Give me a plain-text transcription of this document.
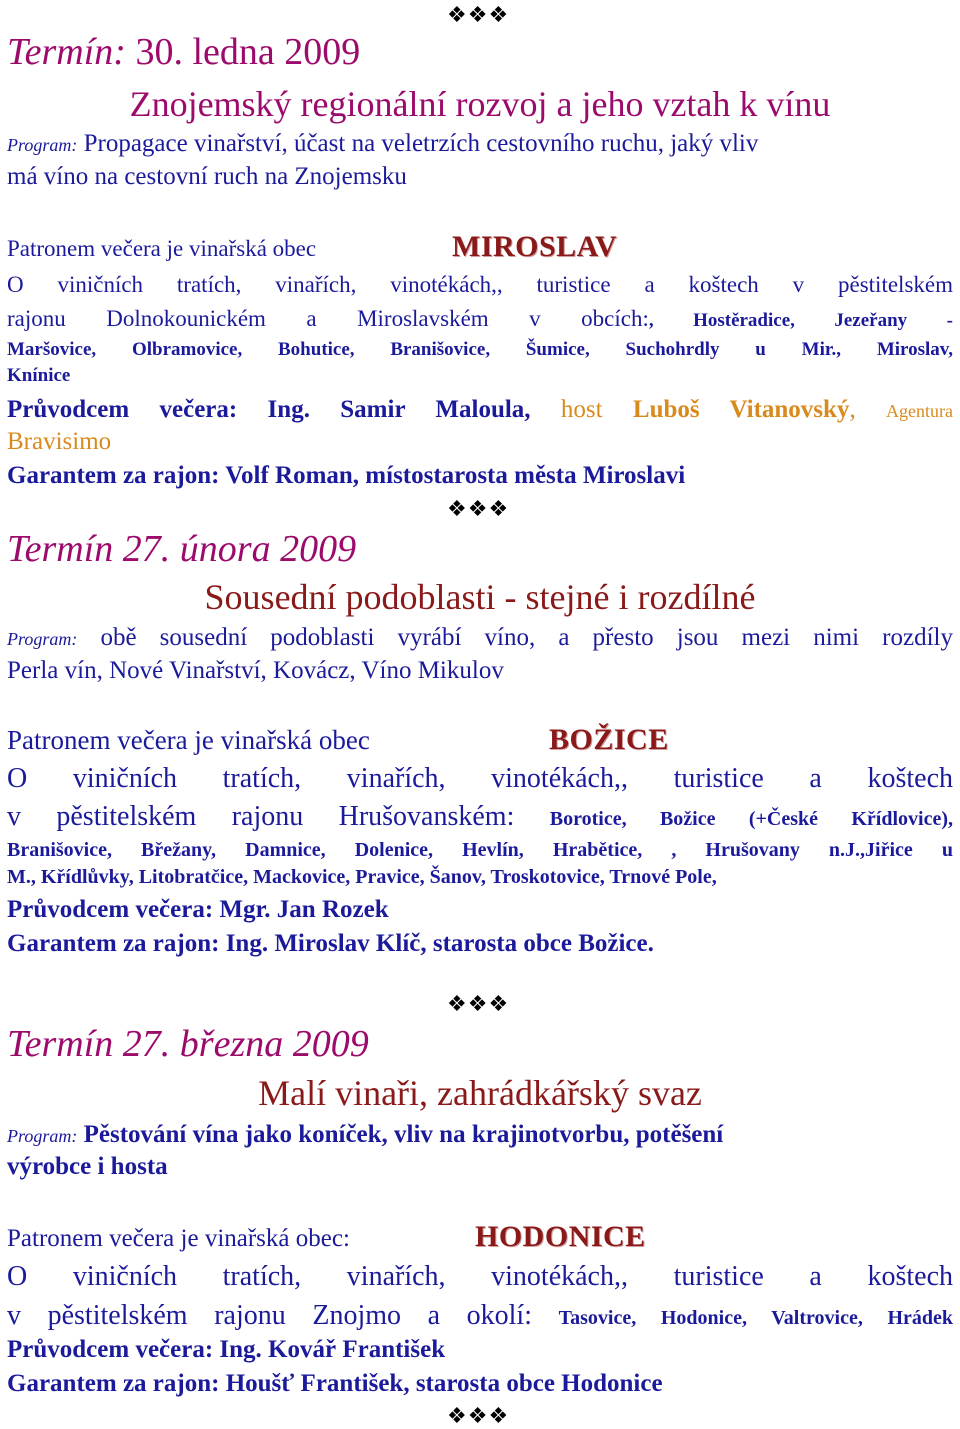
❖❖❖
Termín: 30. ledna 2009
Znojemský regionální rozvoj a jeho vztah k vínu
Program: Propagace vinařství, účast na veletrzích cestovního ruchu, jaký vliv
má víno na cestovní ruch na Znojemsku
Patronem večera je vinařská obec	MIROSLAV
O viničních tratích, vinařích, vinotékách,, turistice a koštech v pěstitelském
rajonu Dolnokounickém a Miroslavském v obcích:, Hostěradice, Jezeřany -
Maršovice, Olbramovice, Bohutice, Branišovice, Šumice, Suchohrdly u Mir., Miroslav,
Knínice
Průvodcem večera: Ing. Samir Maloula, host Luboš Vitanovský, Agentura
Bravisimo
Garantem za rajon: Volf Roman, místostarosta města Miroslavi
❖❖❖
Termín 27. února 2009
Sousední podoblasti - stejné i rozdílné
Program: obě sousední podoblasti vyrábí víno, a přesto jsou mezi nimi rozdíly
Perla vín, Nové Vinařství, Kovácz, Víno Mikulov
Patronem večera je vinařská obec	BOŽICE
O viničních tratích, vinařích, vinotékách,, turistice a koštech
v pěstitelském rajonu Hrušovanském: Borotice, Božice (+České Křídlovice),
Branišovice, Břežany, Damnice, Dolenice, Hevlín, Hrabětice, , Hrušovany n.J.,Jiřice u
M., Křídlůvky, Litobratčice, Mackovice, Pravice, Šanov, Troskotovice, Trnové Pole,
Průvodcem večera: Mgr. Jan Rozek
Garantem za rajon: Ing. Miroslav Klíč, starosta obce Božice.
❖❖❖
Termín 27. března 2009
Malí vinaři, zahrádkářský svaz
Program: Pěstování vína jako koníček, vliv na krajinotvorbu, potěšení
výrobce i hosta
Patronem večera je vinařská obec:	HODONICE
O viničních tratích, vinařích, vinotékách,, turistice a koštech
v pěstitelském rajonu Znojmo a okolí: Tasovice, Hodonice, Valtrovice, Hrádek
Průvodcem večera: Ing. Kovář František
Garantem za rajon: Houšť František, starosta obce Hodonice
❖❖❖
